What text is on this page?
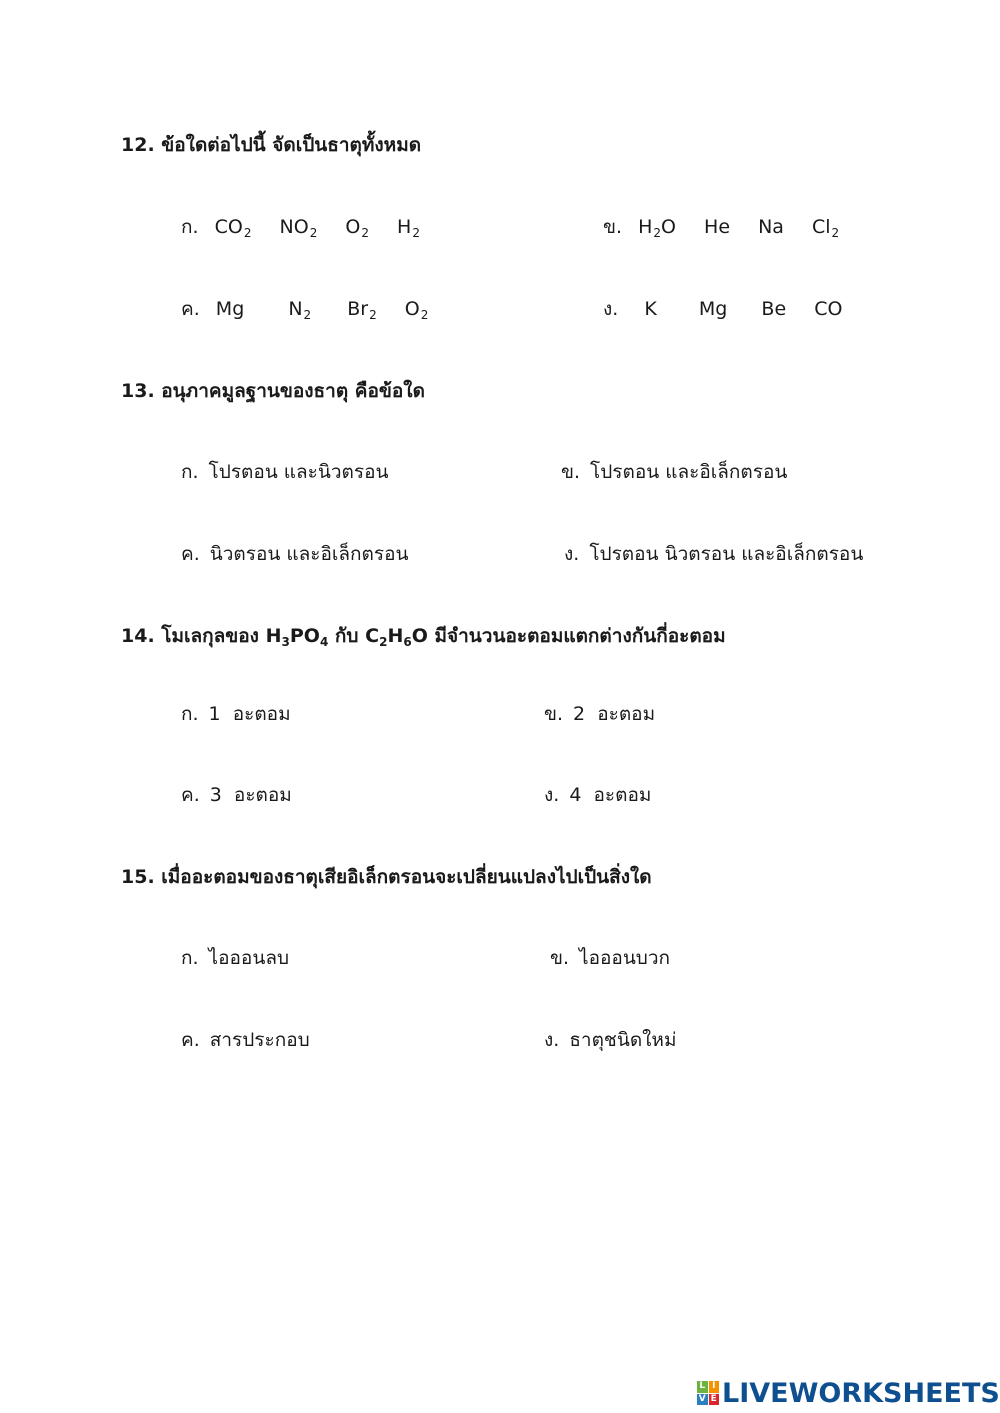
12. ข้อใดต่อไปนี้ จัดเป็นธาตุทั้งหมด
ก. $CO_2$ $NO_2$ $O_2$ $H_2$	ข. $H_2O$ He Na $Cl_2$
ค. Mg $N_2$ $Br_2$ $O_2$	ง. K Mg Be CO
13. อนุภาคมูลฐานของธาตุ คือข้อใด
ก. โปรตอน และนิวตรอน	ข. โปรตอน และอิเล็กตรอน
ค. นิวตรอน และอิเล็กตรอน	ง. โปรตอน นิวตรอน และอิเล็กตรอน
14. โมเลกุลของ $H_3PO_4$ กับ $C_2H_6O$ มีจำนวนอะตอมแตกต่างกันกี่อะตอม
ก. 1  อะตอม	ข. 2  อะตอม
ค. 3  อะตอม	ง. 4  อะตอม
15. เมื่ออะตอมของธาตุเสียอิเล็กตรอนจะเปลี่ยนแปลงไปเป็นสิ่งใด
ก. ไอออนลบ	ข. ไอออนบวก
ค. สารประกอบ	ง. ธาตุชนิดใหม่
L I
V E LIVEWORKSHEETS
